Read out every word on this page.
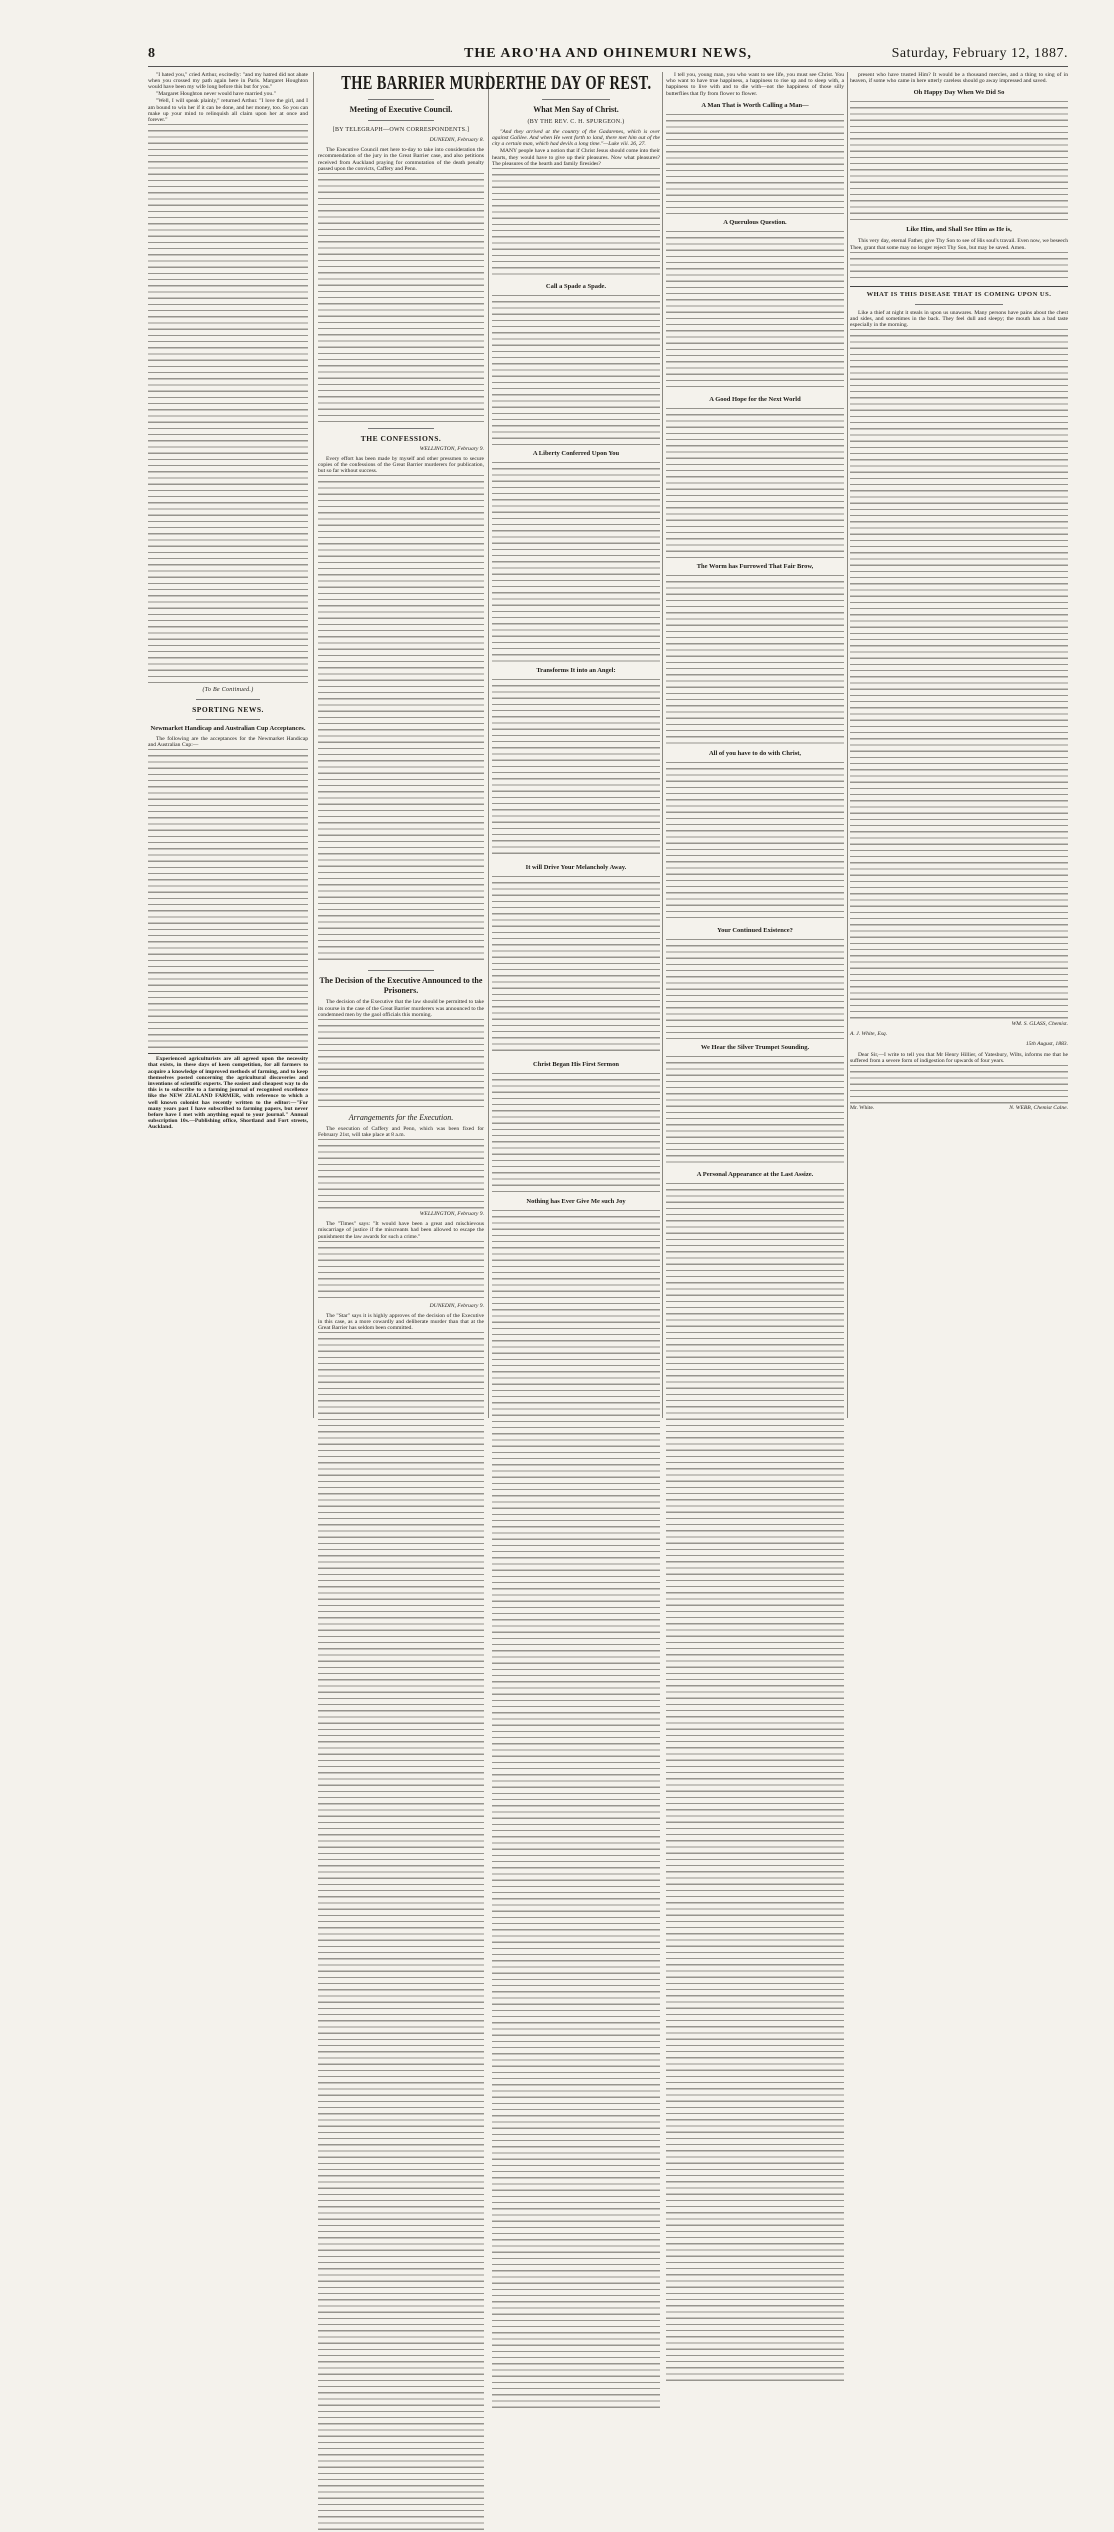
8	THE ARO'HA AND OHINEMURI NEWS,	Saturday, February 12, 1887.

"I hated you," cried Arthur, excitedly: "and my hatred did not abate when you crossed my path again here in Paris. Margaret Houghton would have been my wife long before this but for you."

"Margaret Houghton never would have married you."

"Well, I will speak plainly," returned Arthur. "I love the girl, and I am bound to win her if it can be done, and her money, too. So you can make up your mind to relinquish all claim upon her at once and forever."

(To Be Continued.)
SPORTING NEWS.
Newmarket Handicap and Australian Cup Acceptances.

The following are the acceptances for the Newmarket Handicap and Australian Cup:—

Experienced agriculturists are all agreed upon the necessity that exists, in these days of keen competition, for all farmers to acquire a knowledge of improved methods of farming, and to keep themselves posted concerning the agricultural discoveries and inventions of scientific experts. The easiest and cheapest way to do this is to subscribe to a farming journal of recognised excellence like the NEW ZEALAND FARMER, with reference to which a well known colonist has recently written to the editor:—"For many years past I have subscribed to farming papers, but never before have I met with anything equal to your journal." Annual subscription 10s.—Publishing office, Shortland and Fort streets, Auckland.

THE BARRIER MURDER
Meeting of Executive Council.
[BY TELEGRAPH—OWN CORRESPONDENTS.]
DUNEDIN, February 8.

The Executive Council met here to-day to take into consideration the recommendation of the jury in the Great Barrier case, and also petitions received from Auckland praying for commutation of the death penalty passed upon the convicts, Caffery and Penn.

THE CONFESSIONS.
WELLINGTON, February 9.

Every effort has been made by myself and other pressmen to secure copies of the confessions of the Great Barrier murderers for publication, but so far without success.

The Decision of the Executive Announced to the Prisoners.

The decision of the Executive that the law should be permitted to take its course in the case of the Great Barrier murderers was announced to the condemned men by the gaol officials this morning.

Arrangements for the Execution.

The execution of Caffery and Penn, which was been fixed for February 21st, will take place at 8 a.m.

WELLINGTON, February 9.

The "Times" says: "It would have been a great and mischievous miscarriage of justice if the miscreants had been allowed to escape the punishment the law awards for such a crime."

DUNEDIN, February 9.

The "Star" says it is highly approves of the decision of the Executive in this case, as a more cowardly and deliberate murder than that at the Great Barrier has seldom been committed.

THE DAY OF REST.
What Men Say of Christ.
(BY THE REV. C. H. SPURGEON.)

"And they arrived at the country of the Gadarenes, which is over against Galilee. And when He went forth to land, there met him out of the city a certain man, which had devils a long time."—Luke viii. 26, 27.

MANY people have a notion that if Christ Jesus should come into their hearts, they would have to give up their pleasures. Now what pleasures? The pleasures of the hearth and family firesides?

Call a Spade a Spade.
A Liberty Conferred Upon You
Transforms It into an Angel:
It will Drive Your Melancholy Away.
Christ Began His First Sermon
Nothing has Ever Give Me such Joy

I tell you, young man, you who want to see life, you must see Christ. You who want to have true happiness, a happiness to rise up and to sleep with, a happiness to live with and to die with—not the happiness of those silly butterflies that fly from flower to flower.

A Man That is Worth Calling a Man—
A Querulous Question.
A Good Hope for the Next World
The Worm has Furrowed That Fair Brow,
All of you have to do with Christ,
Your Continued Existence?
We Hear the Silver Trumpet Sounding.
A Personal Appearance at the Last Assize.

present who have trusted Him? It would be a thousand mercies, and a thing to sing of in heaven, if some who came in here utterly careless should go away impressed and saved.

Oh Happy Day When We Did So
Like Him, and Shall See Him as He is,

This very day, eternal Father, give Thy Son to see of His soul's travail. Even now, we beseech Thee, grant that some may no longer reject Thy Son, but may be saved. Amen.

WHAT IS THIS DISEASE THAT IS COMING UPON US.

Like a thief at night it steals in upon us unawares. Many persons have pains about the chest and sides, and sometimes in the back. They feel dull and sleepy; the mouth has a bad taste especially in the morning.

WM. S. GLASS, Chemist.
A. J. White, Esq.
15th August, 1883.

Dear Sir,—I write to tell you that Mr Henry Hillier, of Yatesbury, Wilts, informs me that he suffered from a severe form of indigestion for upwards of four years.

Mr. White.	N. WEBB, Chemist Calne.
